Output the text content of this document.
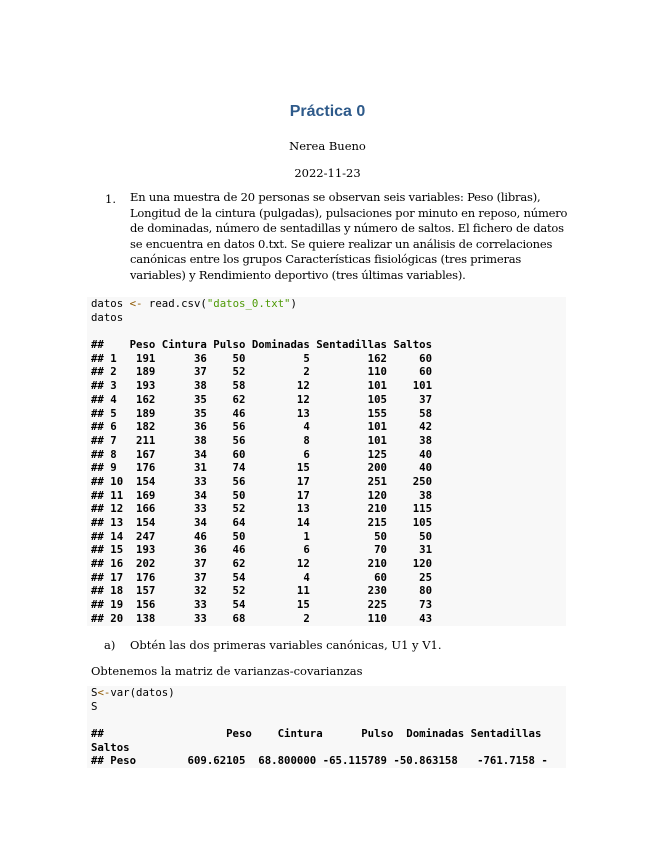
Práctica 0
Nerea Bueno
2022-11-23
1. En una muestra de 20 personas se observan seis variables: Peso (libras), Longitud de la cintura (pulgadas), pulsaciones por minuto en reposo, número de dominadas, número de sentadillas y número de saltos. El fichero de datos se encuentra en datos 0.txt. Se quiere realizar un análisis de correlaciones canónicas entre los grupos Características fisiológicas (tres primeras variables) y Rendimiento deportivo (tres últimas variables).
datos <- read.csv("datos_0.txt")
datos

##    Peso Cintura Pulso Dominadas Sentadillas Saltos
## 1   191      36    50         5         162     60
## 2   189      37    52         2         110     60
## 3   193      38    58        12         101    101
## 4   162      35    62        12         105     37
## 5   189      35    46        13         155     58
## 6   182      36    56         4         101     42
## 7   211      38    56         8         101     38
## 8   167      34    60         6         125     40
## 9   176      31    74        15         200     40
## 10  154      33    56        17         251    250
## 11  169      34    50        17         120     38
## 12  166      33    52        13         210    115
## 13  154      34    64        14         215    105
## 14  247      46    50         1          50     50
## 15  193      36    46         6          70     31
## 16  202      37    62        12         210    120
## 17  176      37    54         4          60     25
## 18  157      32    52        11         230     80
## 19  156      33    54        15         225     73
## 20  138      33    68         2         110     43
a) Obtén las dos primeras variables canónicas, U1 y V1.
Obtenemos la matriz de varianzas-covarianzas
S<-var(datos)
S

##                   Peso    Cintura      Pulso  Dominadas Sentadillas
Saltos
## Peso        609.62105  68.800000 -65.115789 -50.863158   -761.7158 -
